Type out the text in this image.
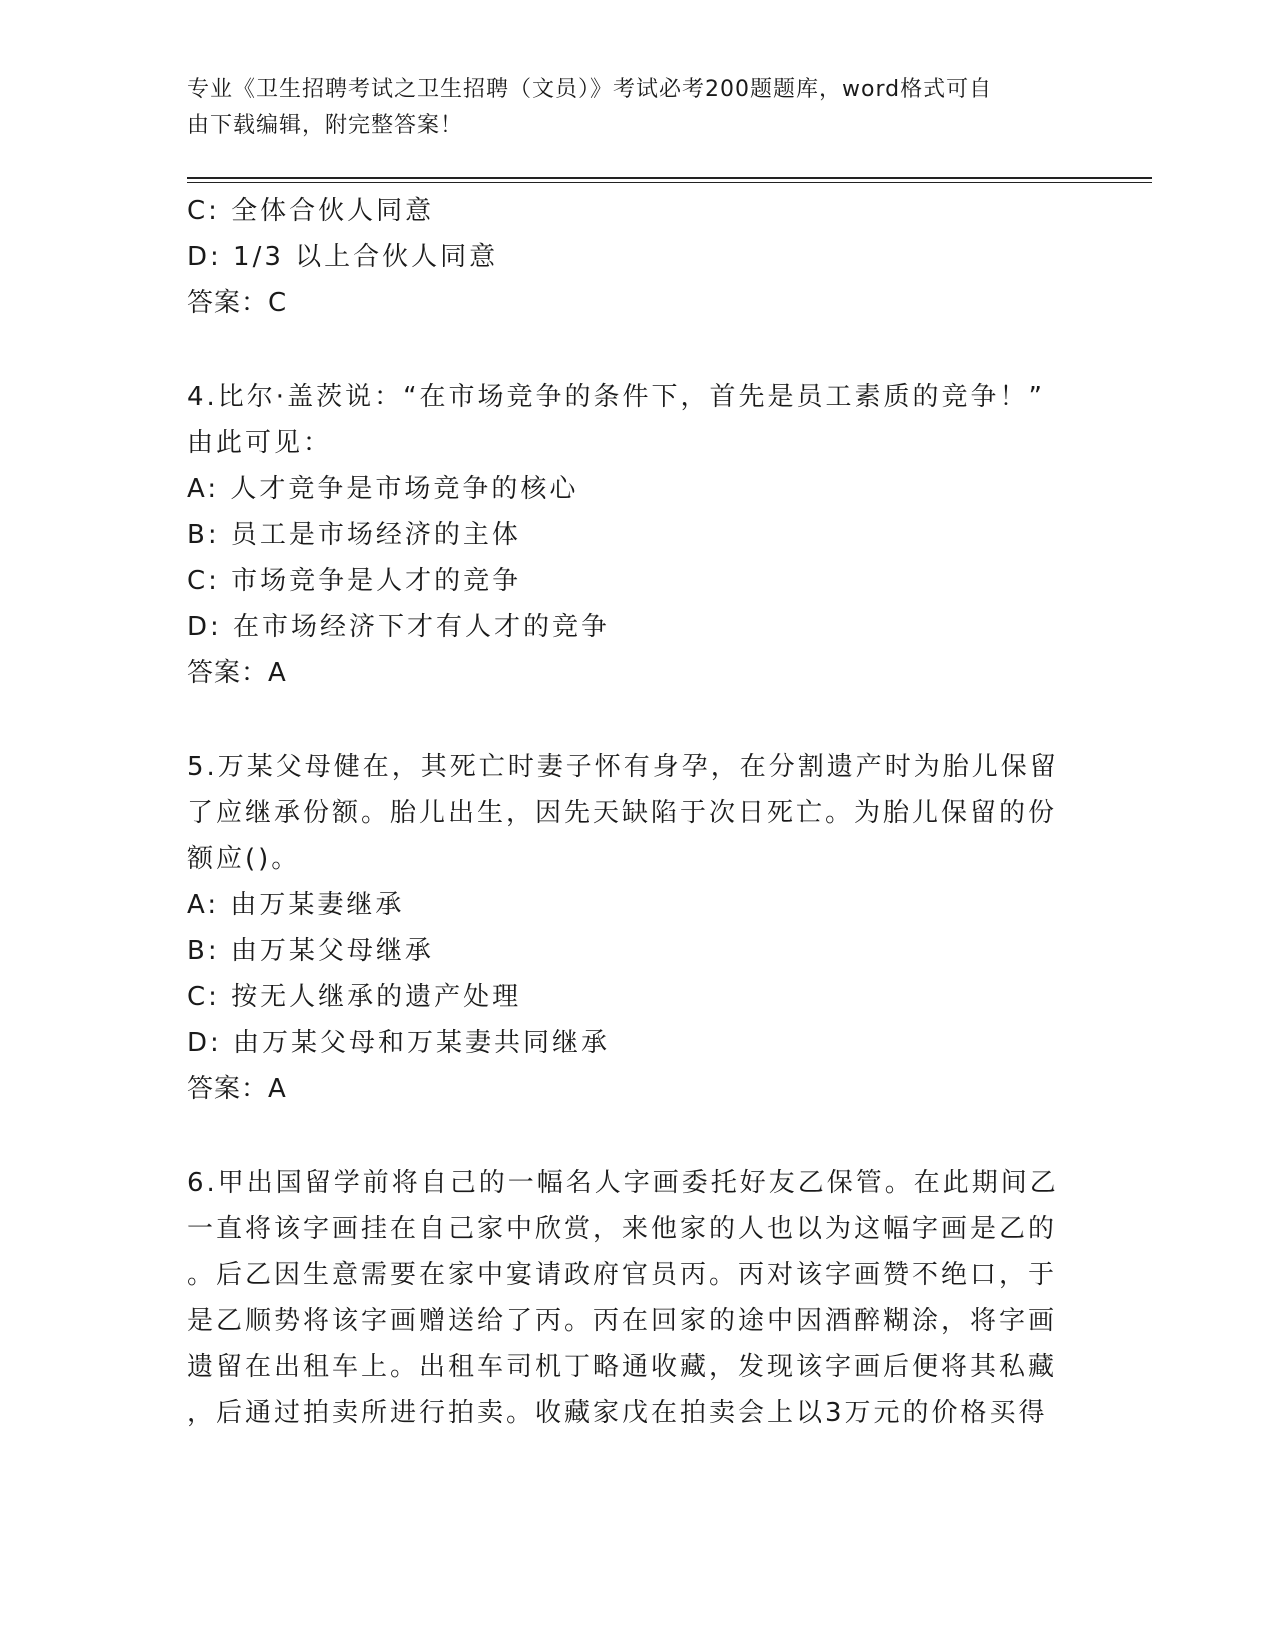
专业《卫生招聘考试之卫生招聘（文员）》考试必考200题题库，word格式可自
由下载编辑，附完整答案！
C: 全体合伙人同意
D: 1/3 以上合伙人同意
答案：C
4.比尔·盖茨说：“在市场竞争的条件下，首先是员工素质的竞争！”
由此可见：
A: 人才竞争是市场竞争的核心
B: 员工是市场经济的主体
C: 市场竞争是人才的竞争
D: 在市场经济下才有人才的竞争
答案：A
5.万某父母健在，其死亡时妻子怀有身孕，在分割遗产时为胎儿保留
了应继承份额。胎儿出生，因先天缺陷于次日死亡。为胎儿保留的份
额应()。
A: 由万某妻继承
B: 由万某父母继承
C: 按无人继承的遗产处理
D: 由万某父母和万某妻共同继承
答案：A
6.甲出国留学前将自己的一幅名人字画委托好友乙保管。在此期间乙
一直将该字画挂在自己家中欣赏，来他家的人也以为这幅字画是乙的
。后乙因生意需要在家中宴请政府官员丙。丙对该字画赞不绝口，于
是乙顺势将该字画赠送给了丙。丙在回家的途中因酒醉糊涂，将字画
遗留在出租车上。出租车司机丁略通收藏，发现该字画后便将其私藏
，后通过拍卖所进行拍卖。收藏家戊在拍卖会上以3万元的价格买得
